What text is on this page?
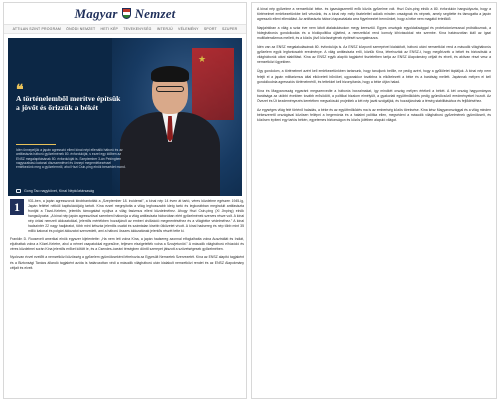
Magyar Nemzet
ATTILAN SZINT PROGRAM ÖNÖDI NEMZET HETI KÉP TEVEKENYSÉG INTERJÚ VÉLEMÉNY SPORT SZUPER
★
❝
A történelemből merítve építsük a jövőt és őrizzük a békét
Idén ünnepeljük a japán agresszió elleni kínai népi ellenálló háború és az antifasiszta háború győzelmének 80. évfordulóját, s ezzel egy időben az ENSZ megalapításának 80. évfordulóját is. Szeptember 3-án Pekingben nagyszabású katonai díszszemlével és ünnepi megemlékezéssel emlékezünk meg a győzelemről, ahol Hszi Csin-ping elnök beszédet mond.
Gong Tao nagykövet, Kínai Népköztársaság
1	931-ben, a japán agresszorok kirobbantották a „Szeptember 18. incidenst", a kínai nép 14 éven át tartó, véres küzdelme egészen 1945-ig, Japán feltétel nélküli kapitulációjáig tartott. Kína ezzel megnyitotta a világ leghosszabb ideig tartó és legkorábban megindult antifasiszta frontját a Távol-Keleten, jelentős támogatást nyújtva a világ fasizmus elleni küzdelméhez. Ahogy Hszi Csin-ping (Xi Jinping) elnök hangsúlyozta: „A kínai nép japán agresszióval szembeni háborúja a világ antifasiszta háborúban elért győzelmének szerves része volt. A kínai nép óriási nemzeti áldozatokkal, jelentős mértékben hozzájárult az emberi civilizáció megmentéséhez és a világbéke védelméhez." A kínai hadszíntér 22 nagy hadjáratot, több mint kétszáz jelentős csatát és számtalan kisebb ütközetet vívott. A kínai hadsereg és nép több mint 35 millió katonai és polgári áldozatot szenvedett, ami a háború összes áldozatának jelentős részét tette ki.

Franklin D. Roosevelt amerikai elnök egyszer kijelentette: „Ha nem lett volna Kína, a japán hadsereg azonnal elfoglalhatta volna Ausztráliát és Indiát, eljuthattak volna a Közel-Keletre, ahol a német csapatokkal egyesülve, teljesen elszigetelték volna a Szovjetuniót." A második világháború elhúzódó és véres küzdelmei során Kína jelentős erőket kötött le, és a Csendes-óceáni térségben döntő szerepet játszott a szövetségesek győzelmében.

Nyolcvan évvel ezelőtt a nemzetközi közösség a győzelem gyümölcseként létrehozta az Egyesült Nemzetek Szervezetét. Kína az ENSZ alapító tagjaként és a Biztonsági Tanács állandó tagjaként azóta is határozottan védi a második világháború után kialakult nemzetközi rendet és az ENSZ Alapokmány céljait és elveit.

A kínai nép győzelme a nemzetközi béke- és igazságszerető erők közös győzelme volt. Hszi Csin-ping elnök a 80. évfordulón hangsúlyozta, hogy a történelmet emlékezetünkbe kell vésnünk, és a kínai nép mély tisztelettel adózik minden országnak és népnek, amely segítette és támogatta a japán agresszió elleni ellenállást. Az antifasiszta háború tapasztalata arra figyelmeztet bennünket, hogy a béke nem magától értetődő.

Napjainkban a világ a száz éve nem látott átalakulásokon megy keresztül. Egyes országok egyoldalúsággal és protekcionizmussal próbálkoznak, a hidegháborús gondolkodás és a blokkpolitika újjáéled, a nemzetközi rend komoly kihívásokkal néz szembe. Kína határozottan kiáll az igazi multilateralizmus mellett, és a közös jövő közösségének építését szorgalmazza.

Idén van az ENSZ megalakulásának 80. évfordulója is. Az ENSZ központi szerepével kialakított, háború utáni nemzetközi rend a második világháborús győzelem egyik legfontosabb eredménye. A világ antifasiszta erői, köztük Kína, létrehozták az ENSZ-t, hogy megőrizzék a békét és biztosítsák a világháborúk utáni stabilitást. Kína az ENSZ egyik alapító tagjaként tiszteletben tartja az ENSZ Alapokmány céljait és elveit, és aktívan részt vesz a nemzetközi ügyekben.

Úgy gondolom, a történelmet azért kell emlékezetünkben tartanunk, hogy tanuljunk belőle, ne pedig azért, hogy a gyűlöletet tápláljuk. A kínai nép nem felejti el a japán militarizmus által elkövetett bűnöket, ugyanakkor továbbra is elkötelezett a béke és a barátság mellett. Japánnak mélyen el kell gondolkodnia agressziós történelméről, és tettekkel kell bizonyítania, hogy a béke útján halad.

Kína és Magyarország egyaránt megszenvedte a háborús borzalmakat, így mindkét ország mélyen értékeli a békét. A két ország hagyományos barátsága az utóbbi években tovább erősödött, a politikai bizalom elmélyült, a gyakorlati együttműködés pedig gyümölcsöző eredményeket hozott. Az Övezet és Út kezdeményezés keretében megvalósuló projektek a két nép javát szolgálják, és hozzájárulnak a térség stabilitásához és fejlődéséhez.

Az egységes világ felé történő haladás, a béke és az együttműködés ma is az emberiség közös törekvése. Kína kész Magyarországgal és a világ minden békeszerető országával közösen fellépni a hegemónia és a hatalmi politika ellen, megvédeni a második világháború győzelmének gyümölcseit, és közösen építeni egy tartós békén, egyetemes biztonságon és közös jólétben alapuló világot.
